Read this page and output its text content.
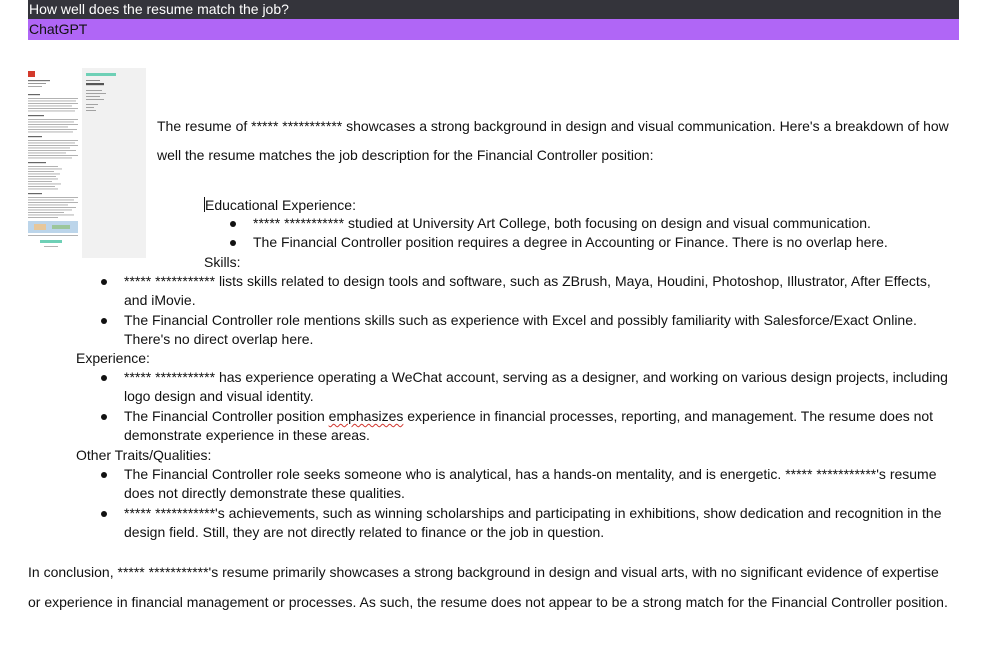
How well does the resume match the job?
ChatGPT
The resume of ***** *********** showcases a strong background in design and visual communication. Here's a breakdown of how
well the resume matches the job description for the Financial Controller position:
Educational Experience:
***** *********** studied at University Art College, both focusing on design and visual communication.
The Financial Controller position requires a degree in Accounting or Finance. There is no overlap here.
Skills:
***** *********** lists skills related to design tools and software, such as ZBrush, Maya, Houdini, Photoshop, Illustrator, After Effects,
and iMovie.
The Financial Controller role mentions skills such as experience with Excel and possibly familiarity with Salesforce/Exact Online.
There's no direct overlap here.
Experience:
***** *********** has experience operating a WeChat account, serving as a designer, and working on various design projects, including
logo design and visual identity.
The Financial Controller position emphasizes experience in financial processes, reporting, and management. The resume does not
demonstrate experience in these areas.
Other Traits/Qualities:
The Financial Controller role seeks someone who is analytical, has a hands-on mentality, and is energetic. ***** ***********'s resume
does not directly demonstrate these qualities.
***** ***********'s achievements, such as winning scholarships and participating in exhibitions, show dedication and recognition in the
design field. Still, they are not directly related to finance or the job in question.
In conclusion, ***** ***********'s resume primarily showcases a strong background in design and visual arts, with no significant evidence of expertise
or experience in financial management or processes. As such, the resume does not appear to be a strong match for the Financial Controller position.
